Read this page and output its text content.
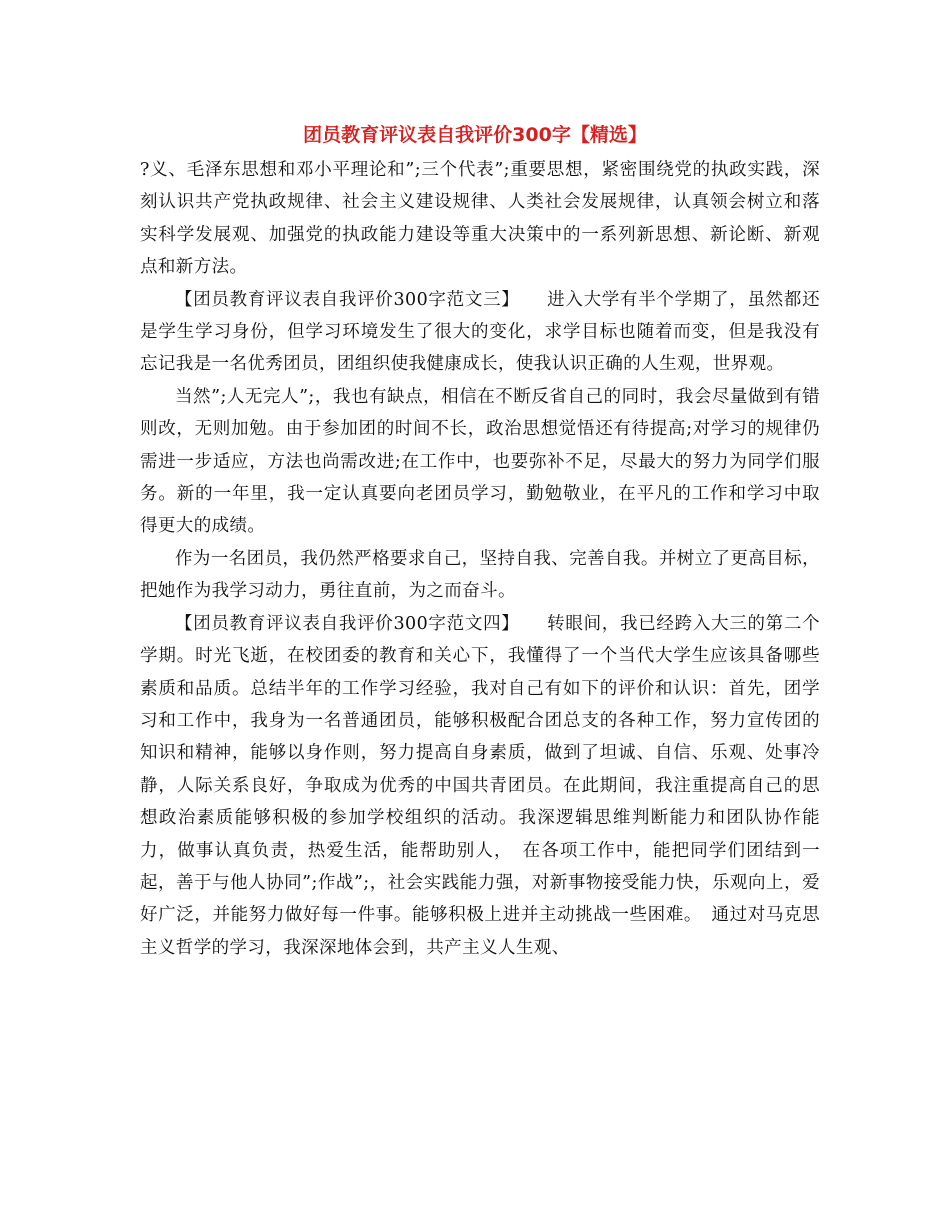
团员教育评议表自我评价300字【精选】

?义、毛泽东思想和邓小平理论和”;三个代表”;重要思想，紧密围绕党的执政实践，深刻认识共产党执政规律、社会主义建设规律、人类社会发展规律，认真领会树立和落实科学发展观、加强党的执政能力建设等重大决策中的一系列新思想、新论断、新观点和新方法。

【团员教育评议表自我评价300字范文三】　　进入大学有半个学期了，虽然都还是学生学习身份，但学习环境发生了很大的变化，求学目标也随着而变，但是我没有忘记我是一名优秀团员，团组织使我健康成长，使我认识正确的人生观，世界观。

当然”;人无完人”;，我也有缺点，相信在不断反省自己的同时，我会尽量做到有错则改，无则加勉。由于参加团的时间不长，政治思想觉悟还有待提高;对学习的规律仍需进一步适应，方法也尚需改进;在工作中，也要弥补不足，尽最大的努力为同学们服务。新的一年里，我一定认真要向老团员学习，勤勉敬业，在平凡的工作和学习中取得更大的成绩。

作为一名团员，我仍然严格要求自己，坚持自我、完善自我。并树立了更高目标，把她作为我学习动力，勇往直前，为之而奋斗。

【团员教育评议表自我评价300字范文四】　　转眼间，我已经跨入大三的第二个学期。时光飞逝，在校团委的教育和关心下，我懂得了一个当代大学生应该具备哪些素质和品质。总结半年的工作学习经验，我对自己有如下的评价和认识：首先，团学习和工作中，我身为一名普通团员，能够积极配合团总支的各种工作，努力宣传团的知识和精神，能够以身作则，努力提高自身素质，做到了坦诚、自信、乐观、处事冷静，人际关系良好，争取成为优秀的中国共青团员。在此期间，我注重提高自己的思想政治素质能够积极的参加学校组织的活动。我深逻辑思维判断能力和团队协作能力，做事认真负责，热爱生活，能帮助别人，　在各项工作中，能把同学们团结到一起，善于与他人协同”;作战”;，社会实践能力强，对新事物接受能力快，乐观向上，爱好广泛，并能努力做好每一件事。能够积极上进并主动挑战一些困难。　通过对马克思主义哲学的学习，我深深地体会到，共产主义人生观、
